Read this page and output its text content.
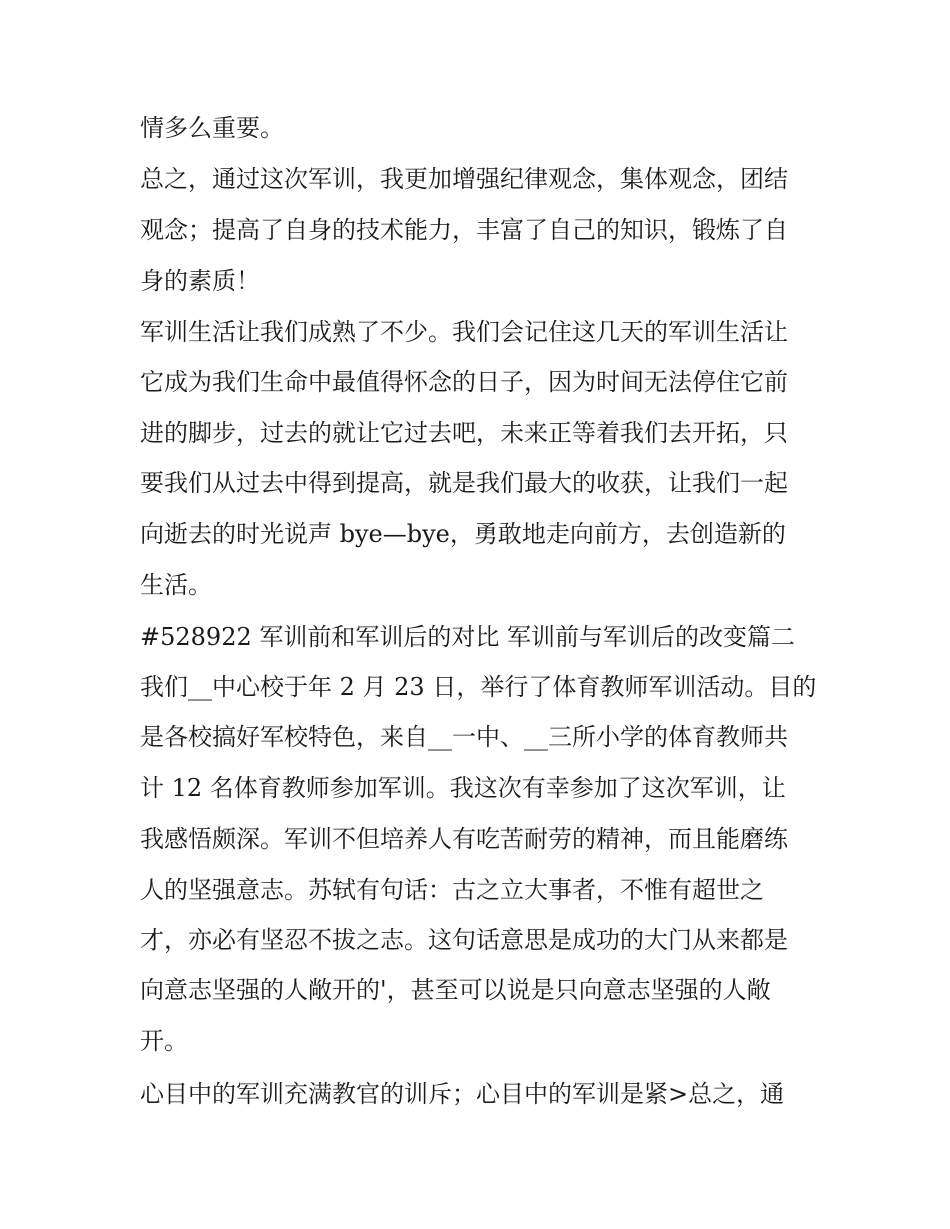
情多么重要。
总之，通过这次军训，我更加增强纪律观念，集体观念，团结
观念；提高了自身的技术能力，丰富了自己的知识，锻炼了自
身的素质！
军训生活让我们成熟了不少。我们会记住这几天的军训生活让
它成为我们生命中最值得怀念的日子，因为时间无法停住它前
进的脚步，过去的就让它过去吧，未来正等着我们去开拓，只
要我们从过去中得到提高，就是我们最大的收获，让我们一起
向逝去的时光说声 bye—bye，勇敢地走向前方，去创造新的
生活。
#528922 军训前和军训后的对比 军训前与军训后的改变篇二
我们__中心校于年 2 月 23 日，举行了体育教师军训活动。目的
是各校搞好军校特色，来自__一中、__三所小学的体育教师共
计 12 名体育教师参加军训。我这次有幸参加了这次军训，让
我感悟颇深。军训不但培养人有吃苦耐劳的精神，而且能磨练
人的坚强意志。苏轼有句话：古之立大事者，不惟有超世之
才，亦必有坚忍不拔之志。这句话意思是成功的大门从来都是
向意志坚强的人敞开的'，甚至可以说是只向意志坚强的人敞
开。
心目中的军训充满教官的训斥；心目中的军训是紧>总之，通
